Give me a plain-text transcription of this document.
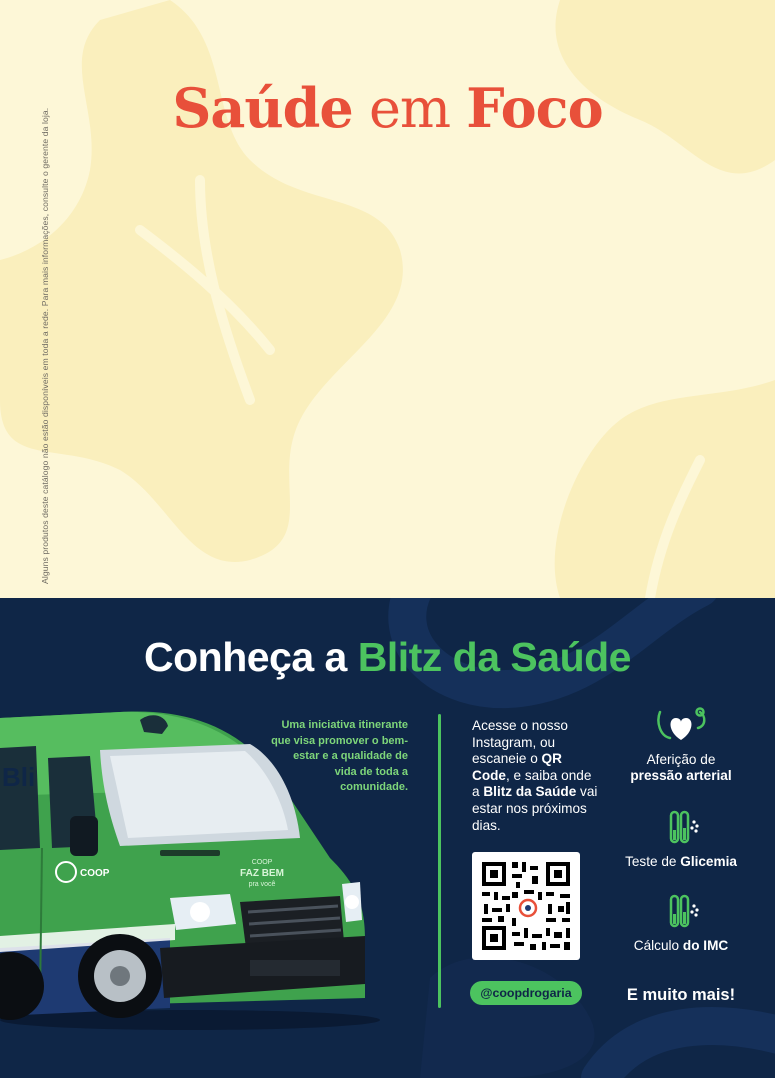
Alguns produtos deste catálogo não estão disponíveis em toda a rede. Para mais informações, consulte o gerente da loja.	Saúde em Foco
Conheça a Blitz da Saúde
Bli
COOP
COOP
FAZ BEM
pra você

Uma iniciativa itinerante que visa promover o bem-estar e a qualidade de vida de toda a comunidade.

Acesse o nosso Instagram, ou escaneie o QR Code, e saiba onde a Blitz da Saúde vai estar nos próximos dias.

@coopdrogaria
Aferição de
pressão arterial
Teste de Glicemia
Cálculo do IMC
E muito mais!
